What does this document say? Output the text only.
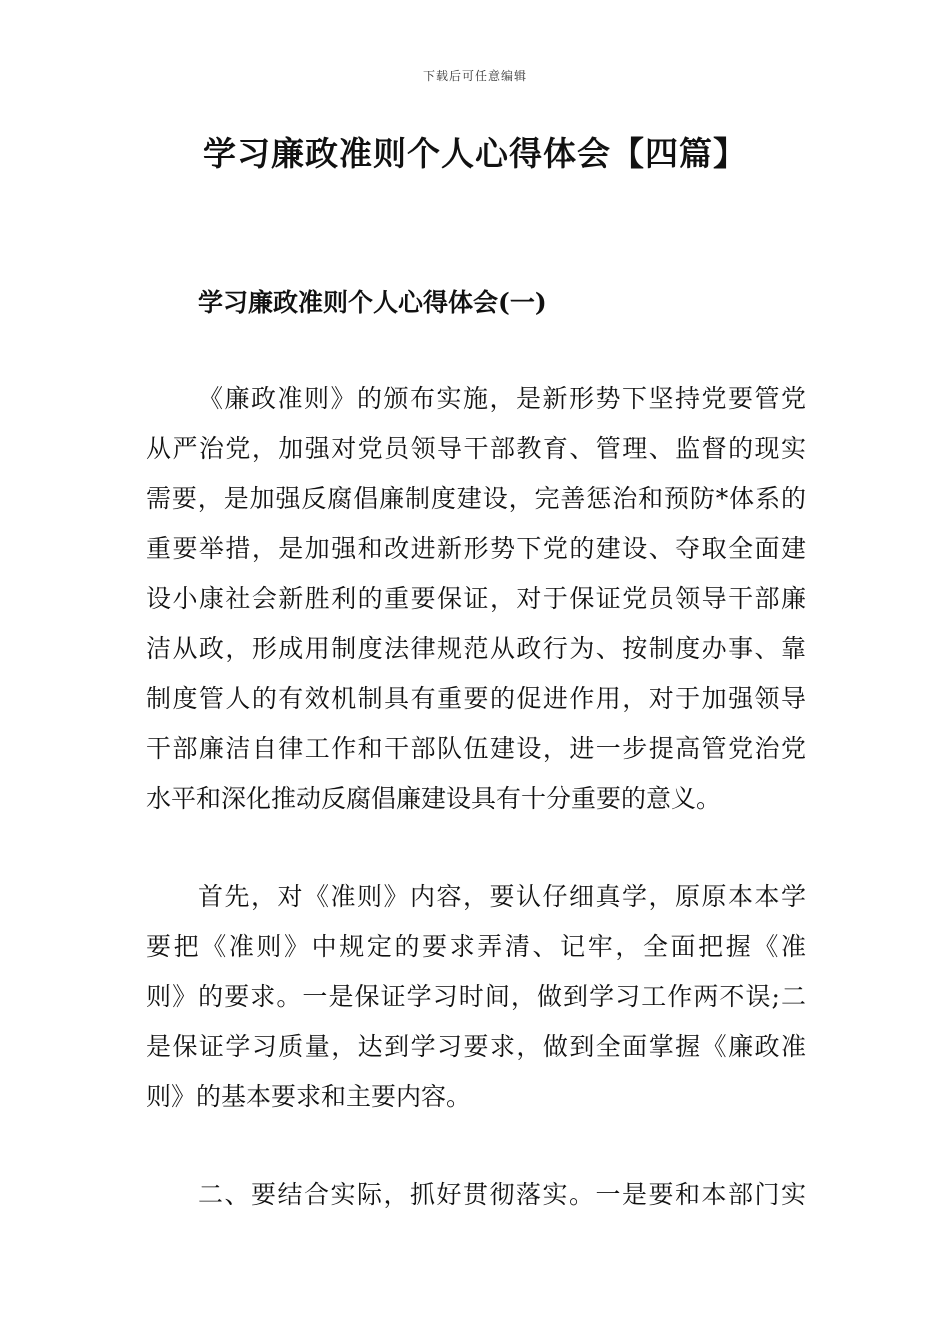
下载后可任意编辑
学习廉政准则个人心得体会【四篇】
学习廉政准则个人心得体会(一)

《廉政准则》的颁布实施，是新形势下坚持党要管党
从严治党，加强对党员领导干部教育、管理、监督的现实
需要，是加强反腐倡廉制度建设，完善惩治和预防*体系的
重要举措，是加强和改进新形势下党的建设、夺取全面建
设小康社会新胜利的重要保证，对于保证党员领导干部廉
洁从政，形成用制度法律规范从政行为、按制度办事、靠
制度管人的有效机制具有重要的促进作用，对于加强领导
干部廉洁自律工作和干部队伍建设，进一步提高管党治党
水平和深化推动反腐倡廉建设具有十分重要的意义。

首先，对《准则》内容，要认仔细真学，原原本本学
要把《准则》中规定的要求弄清、记牢，全面把握《准
则》的要求。一是保证学习时间，做到学习工作两不误;二
是保证学习质量，达到学习要求，做到全面掌握《廉政准
则》的基本要求和主要内容。

二、要结合实际，抓好贯彻落实。一是要和本部门实
